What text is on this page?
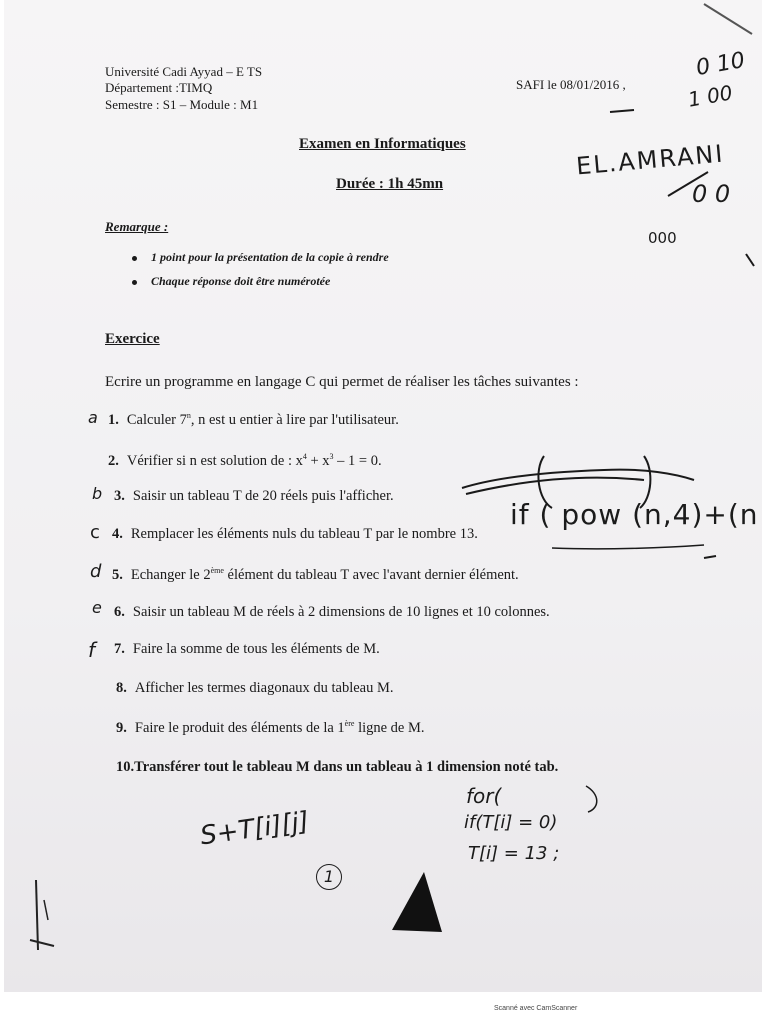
Université Cadi Ayyad – E TS
Département :TIMQ
Semestre : S1 – Module : M1
SAFI le 08/01/2016 ,
Examen en Informatiques
Durée : 1h 45mn
Remarque :
1 point pour la présentation de la copie à rendre
Chaque réponse doit être numérotée
Exercice
Ecrire un programme en langage C qui permet de réaliser les tâches suivantes :
1. Calculer 7$^n$, n est u entier à lire par l'utilisateur.
2. Vérifier si n est solution de : $x^4 + x^3 - 1 = 0$.
3. Saisir un tableau T de 20 réels puis l'afficher.
4. Remplacer les éléments nuls du tableau T par le nombre 13.
5. Echanger le 2ème élément du tableau T avec l'avant dernier élément.
6. Saisir un tableau M de réels à 2 dimensions de 10 lignes et 10 colonnes.
7. Faire la somme de tous les éléments de M.
8. Afficher les termes diagonaux du tableau M.
9. Faire le produit des éléments de la 1ère ligne de M.
10.Transférer tout le tableau M dans un tableau à 1 dimension noté tab.
a
b
c
d
e
f
EL.AMRANI
0 10
1 00
0 0
000
if ( pow (n,4)+(n
for(
if(T[i] = 0)
T[i] = 13 ;
S+T[i][j]
1
Scanné avec CamScanner
